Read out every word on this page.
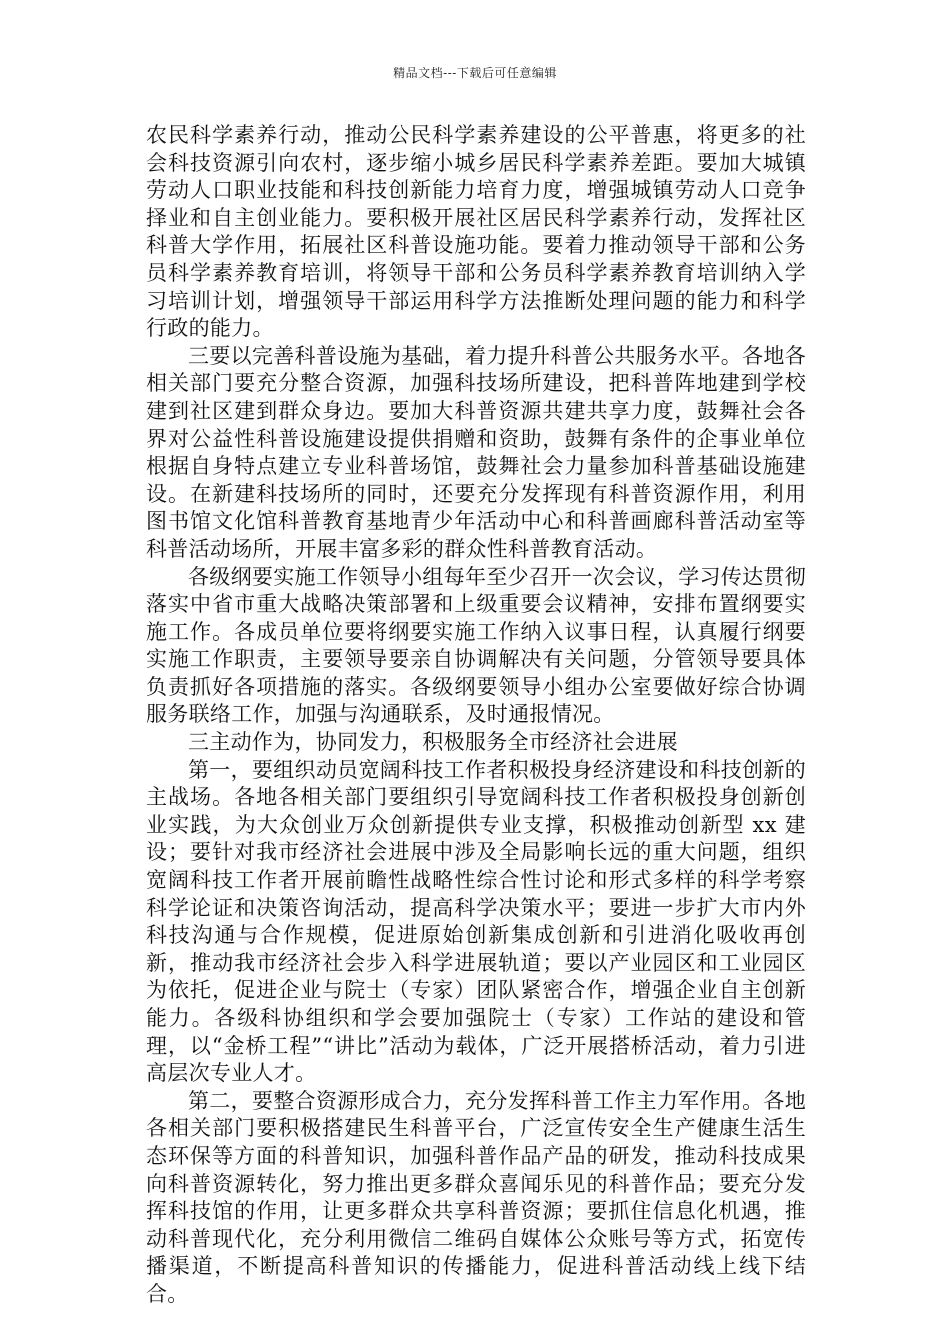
精品文档---下载后可任意编辑

农民科学素养行动，推动公民科学素养建设的公平普惠，将更多的社会科技资源引向农村，逐步缩小城乡居民科学素养差距。要加大城镇劳动人口职业技能和科技创新能力培育力度，增强城镇劳动人口竞争择业和自主创业能力。要积极开展社区居民科学素养行动，发挥社区科普大学作用，拓展社区科普设施功能。要着力推动领导干部和公务员科学素养教育培训，将领导干部和公务员科学素养教育培训纳入学习培训计划，增强领导干部运用科学方法推断处理问题的能力和科学行政的能力。

三要以完善科普设施为基础，着力提升科普公共服务水平。各地各相关部门要充分整合资源，加强科技场所建设，把科普阵地建到学校建到社区建到群众身边。要加大科普资源共建共享力度，鼓舞社会各界对公益性科普设施建设提供捐赠和资助，鼓舞有条件的企事业单位根据自身特点建立专业科普场馆，鼓舞社会力量参加科普基础设施建设。在新建科技场所的同时，还要充分发挥现有科普资源作用，利用图书馆文化馆科普教育基地青少年活动中心和科普画廊科普活动室等科普活动场所，开展丰富多彩的群众性科普教育活动。

各级纲要实施工作领导小组每年至少召开一次会议，学习传达贯彻落实中省市重大战略决策部署和上级重要会议精神，安排布置纲要实施工作。各成员单位要将纲要实施工作纳入议事日程，认真履行纲要实施工作职责，主要领导要亲自协调解决有关问题，分管领导要具体负责抓好各项措施的落实。各级纲要领导小组办公室要做好综合协调服务联络工作，加强与沟通联系，及时通报情况。

三主动作为，协同发力，积极服务全市经济社会进展

第一，要组织动员宽阔科技工作者积极投身经济建设和科技创新的主战场。各地各相关部门要组织引导宽阔科技工作者积极投身创新创业实践，为大众创业万众创新提供专业支撑，积极推动创新型 xx 建设；要针对我市经济社会进展中涉及全局影响长远的重大问题，组织宽阔科技工作者开展前瞻性战略性综合性讨论和形式多样的科学考察科学论证和决策咨询活动，提高科学决策水平；要进一步扩大市内外科技沟通与合作规模，促进原始创新集成创新和引进消化吸收再创新，推动我市经济社会步入科学进展轨道；要以产业园区和工业园区为依托，促进企业与院士（专家）团队紧密合作，增强企业自主创新能力。各级科协组织和学会要加强院士（专家）工作站的建设和管理，以“金桥工程”“讲比”活动为载体，广泛开展搭桥活动，着力引进高层次专业人才。

第二，要整合资源形成合力，充分发挥科普工作主力军作用。各地各相关部门要积极搭建民生科普平台，广泛宣传安全生产健康生活生态环保等方面的科普知识，加强科普作品产品的研发，推动科技成果向科普资源转化，努力推出更多群众喜闻乐见的科普作品；要充分发挥科技馆的作用，让更多群众共享科普资源；要抓住信息化机遇，推动科普现代化，充分利用微信二维码自媒体公众账号等方式，拓宽传播渠道，不断提高科普知识的传播能力，促进科普活动线上线下结合。
